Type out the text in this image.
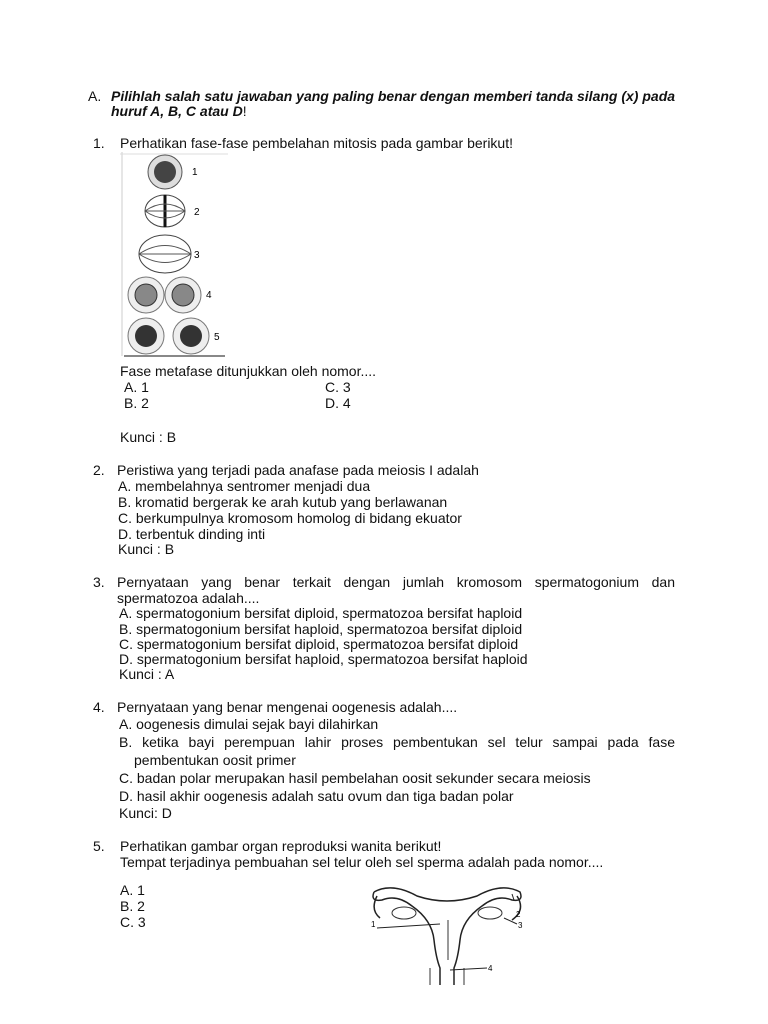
A. Pilihlah salah satu jawaban yang paling benar dengan memberi tanda silang (x) pada
huruf A, B, C atau D!
1. Perhatikan fase-fase pembelahan mitosis pada gambar berikut!
1
2
3
4
5
Fase metafase ditunjukkan oleh nomor....
A. 1
B. 2
C. 3
D. 4
Kunci : B
2. Peristiwa yang terjadi pada anafase pada meiosis I adalah
A. membelahnya sentromer menjadi dua
B. kromatid bergerak ke arah kutub yang berlawanan
C. berkumpulnya kromosom homolog di bidang ekuator
D. terbentuk dinding inti
Kunci : B
3. Pernyataan yang benar terkait dengan jumlah kromosom spermatogonium dan
spermatozoa adalah....
A. spermatogonium bersifat diploid, spermatozoa bersifat haploid
B. spermatogonium bersifat haploid, spermatozoa bersifat diploid
C. spermatogonium bersifat diploid, spermatozoa bersifat diploid
D. spermatogonium bersifat haploid, spermatozoa bersifat haploid
Kunci : A
4. Pernyataan yang benar mengenai oogenesis adalah....
A. oogenesis dimulai sejak bayi dilahirkan
B. ketika bayi perempuan lahir proses pembentukan sel telur sampai pada fase
pembentukan oosit primer
C. badan polar merupakan hasil pembelahan oosit sekunder secara meiosis
D. hasil akhir oogenesis adalah satu ovum dan tiga badan polar
Kunci: D
5. Perhatikan gambar organ reproduksi wanita berikut!
Tempat terjadinya pembuahan sel telur oleh sel sperma adalah pada nomor....
A. 1
B. 2
C. 3	1
2
3
4
